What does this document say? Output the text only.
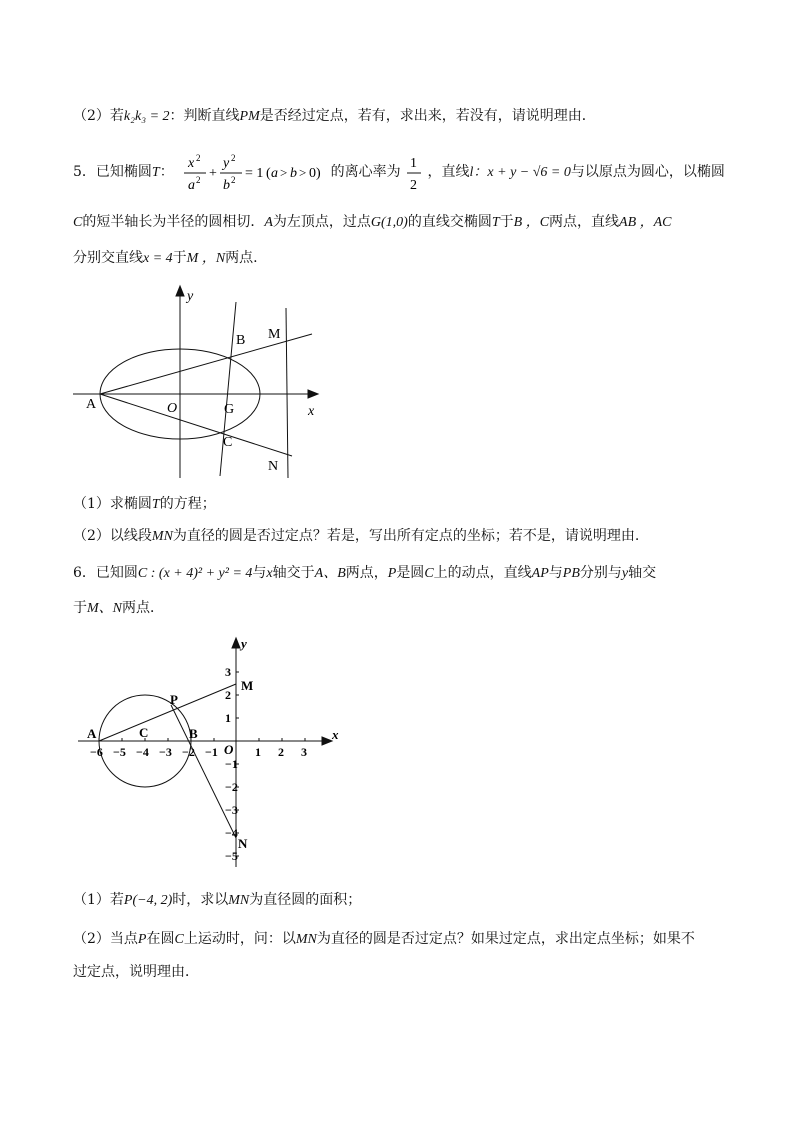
（2）若k₂k₃ = 2：判断直线PM是否经过定点，若有，求出来，若没有，请说明理由．
5．已知椭圆T：
x 2
a 2 +
y 2
b 2 = 1 ( a > b > 0) 的离心率为
1
2
，直线l：x + y − √6 = 0与以原点为圆心，以椭圆
C的短半轴长为半径的圆相切．A为左顶点，过点G(1,0)的直线交椭圆T于B ，C两点，直线AB ，AC
分别交直线x = 4于M ，N两点.
y
x
B M
A	O	G
C
N
（1）求椭圆T的方程；
（2）以线段MN为直径的圆是否过定点？若是，写出所有定点的坐标；若不是，请说明理由.
6．已知圆C : (x + 4)² + y² = 4与x轴交于A、B两点，P是圆C上的动点，直线AP与PB分别与y轴交
于M、N两点．
−6 −5 −4 −3 −2 −1	1 2 3
3
2
1
−1
−2
−3
−4
−5
y
x
A	C
P
B
M
N
O
（1）若P(−4, 2)时，求以MN为直径圆的面积；
（2）当点P在圆C上运动时，问：以MN为直径的圆是否过定点？如果过定点，求出定点坐标；如果不
过定点，说明理由．
